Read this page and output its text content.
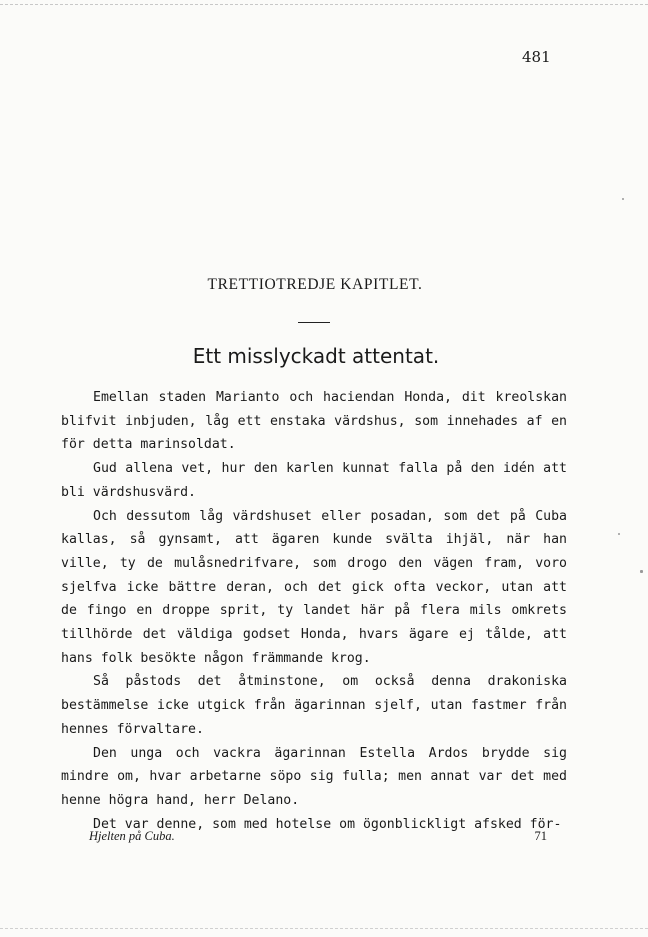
481
TRETTIOTREDJE KAPITLET.
Ett misslyckadt attentat.

Emellan staden Marianto och haciendan Honda, dit kreolskan blifvit inbjuden, låg ett enstaka värdshus, som innehades af en för detta marinsoldat.

Gud allena vet, hur den karlen kunnat falla på den idén att bli värdshusvärd.

Och dessutom låg värdshuset eller posadan, som det på Cuba kallas, så gynsamt, att ägaren kunde svälta ihjäl, när han ville, ty de mulåsnedrifvare, som drogo den vägen fram, voro sjelfva icke bättre deran, och det gick ofta veckor, utan att de fingo en droppe sprit, ty landet här på flera mils omkrets tillhörde det väldiga godset Honda, hvars ägare ej tålde, att hans folk besökte någon främmande krog.

Så påstods det åtminstone, om också denna drakoniska bestämmelse icke utgick från ägarinnan sjelf, utan fastmer från hennes förvaltare.

Den unga och vackra ägarinnan Estella Ardos brydde sig mindre om, hvar arbetarne söpo sig fulla; men annat var det med henne högra hand, herr Delano.

Det var denne, som med hotelse om ögonblickligt afsked för-

Hjelten på Cuba.	71
